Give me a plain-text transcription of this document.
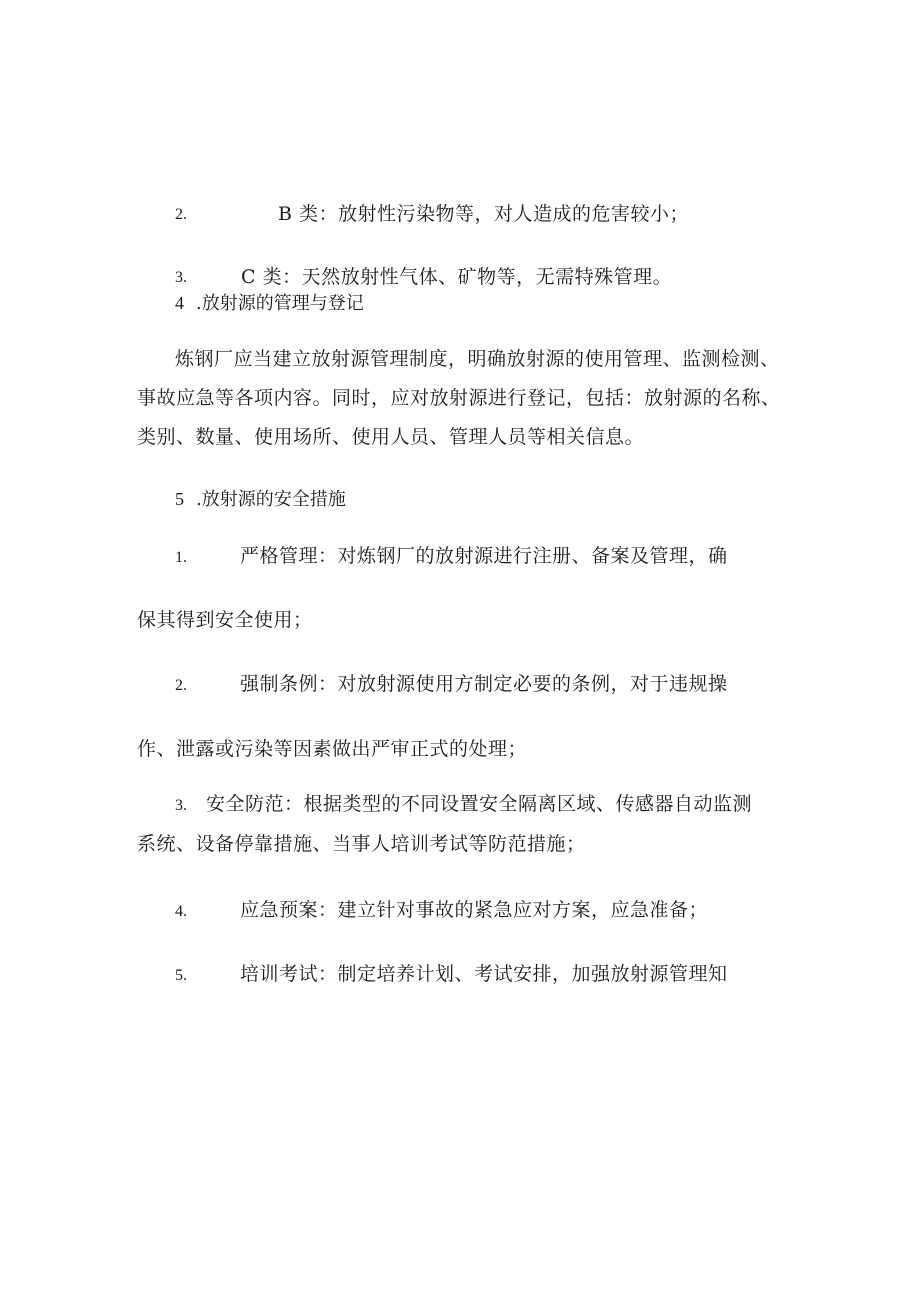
2.	B 类：放射性污染物等，对人造成的危害较小；
3.	C 类：天然放射性气体、矿物等，无需特殊管理。
4 .放射源的管理与登记

炼钢厂应当建立放射源管理制度，明确放射源的使用管理、监测检测、

事故应急等各项内容。同时，应对放射源进行登记，包括：放射源的名称、

类别、数量、使用场所、使用人员、管理人员等相关信息。

5 .放射源的安全措施
1.	严格管理：对炼钢厂的放射源进行注册、备案及管理，确
保其得到安全使用；
2.	强制条例：对放射源使用方制定必要的条例，对于违规操
作、泄露或污染等因素做出严审正式的处理；
3. 安全防范：根据类型的不同设置安全隔离区域、传感器自动监测
系统、设备停靠措施、当事人培训考试等防范措施；
4.	应急预案：建立针对事故的紧急应对方案，应急准备；
5.	培训考试：制定培养计划、考试安排，加强放射源管理知
